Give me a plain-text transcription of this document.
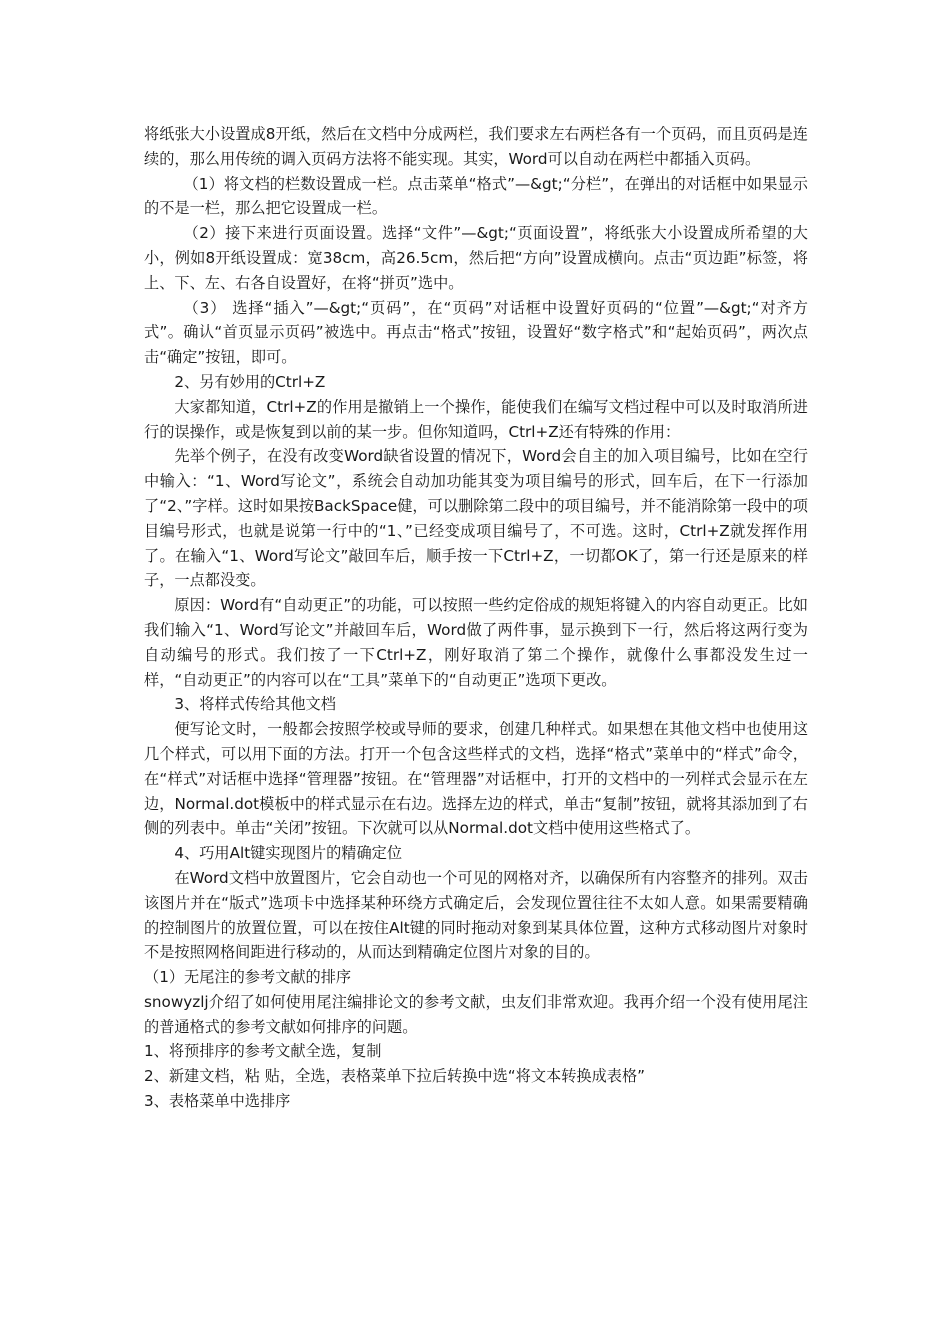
将纸张大小设置成8开纸，然后在文档中分成两栏，我们要求左右两栏各有一个页码，而且页码是连续的，那么用传统的调入页码方法将不能实现。其实，Word可以自动在两栏中都插入页码。

（1）将文档的栏数设置成一栏。点击菜单“格式”—&gt;“分栏”，在弹出的对话框中如果显示的不是一栏，那么把它设置成一栏。

（2）接下来进行页面设置。选择“文件”—&gt;“页面设置”，将纸张大小设置成所希望的大小，例如8开纸设置成：宽38cm，高26.5cm，然后把“方向”设置成横向。点击“页边距”标签，将上、下、左、右各自设置好，在将“拼页”选中。

（3） 选择“插入”—&gt;“页码”，在“页码”对话框中设置好页码的“位置”—&gt;“对齐方式”。确认“首页显示页码”被选中。再点击“格式”按钮，设置好“数字格式”和“起始页码”，两次点击“确定”按钮，即可。

2、另有妙用的Ctrl+Z

大家都知道，Ctrl+Z的作用是撤销上一个操作，能使我们在编写文档过程中可以及时取消所进行的误操作，或是恢复到以前的某一步。但你知道吗，Ctrl+Z还有特殊的作用：

先举个例子，在没有改变Word缺省设置的情况下，Word会自主的加入项目编号，比如在空行中输入：“1、Word写论文”，系统会自动加功能其变为项目编号的形式，回车后，在下一行添加了“2、”字样。这时如果按BackSpace健，可以删除第二段中的项目编号，并不能消除第一段中的项目编号形式，也就是说第一行中的“1、”已经变成项目编号了，不可选。这时，Ctrl+Z就发挥作用了。在输入“1、Word写论文”敲回车后，顺手按一下Ctrl+Z，一切都OK了，第一行还是原来的样子，一点都没变。

原因：Word有“自动更正”的功能，可以按照一些约定俗成的规矩将键入的内容自动更正。比如我们输入“1、Word写论文”并敲回车后，Word做了两件事，显示换到下一行，然后将这两行变为自动编号的形式。我们按了一下Ctrl+Z，刚好取消了第二个操作，就像什么事都没发生过一样，“自动更正”的内容可以在“工具”菜单下的“自动更正”选项下更改。

3、将样式传给其他文档

便写论文时，一般都会按照学校或导师的要求，创建几种样式。如果想在其他文档中也使用这几个样式，可以用下面的方法。打开一个包含这些样式的文档，选择“格式”菜单中的“样式”命令，在“样式”对话框中选择“管理器”按钮。在“管理器”对话框中，打开的文档中的一列样式会显示在左边，Normal.dot模板中的样式显示在右边。选择左边的样式，单击“复制”按钮，就将其添加到了右侧的列表中。单击“关闭”按钮。下次就可以从Normal.dot文档中使用这些格式了。

4、巧用Alt键实现图片的精确定位

在Word文档中放置图片，它会自动也一个可见的网格对齐，以确保所有内容整齐的排列。双击该图片并在“版式”选项卡中选择某种环绕方式确定后，会发现位置往往不太如人意。如果需要精确的控制图片的放置位置，可以在按住Alt键的同时拖动对象到某具体位置，这种方式移动图片对象时不是按照网格间距进行移动的，从而达到精确定位图片对象的目的。

（1）无尾注的参考文献的排序

snowyzlj介绍了如何使用尾注编排论文的参考文献，虫友们非常欢迎。我再介绍一个没有使用尾注的普通格式的参考文献如何排序的问题。

1、将预排序的参考文献全选，复制

2、新建文档，粘 贴，全选，表格菜单下拉后转换中选“将文本转换成表格”

3、表格菜单中选排序
